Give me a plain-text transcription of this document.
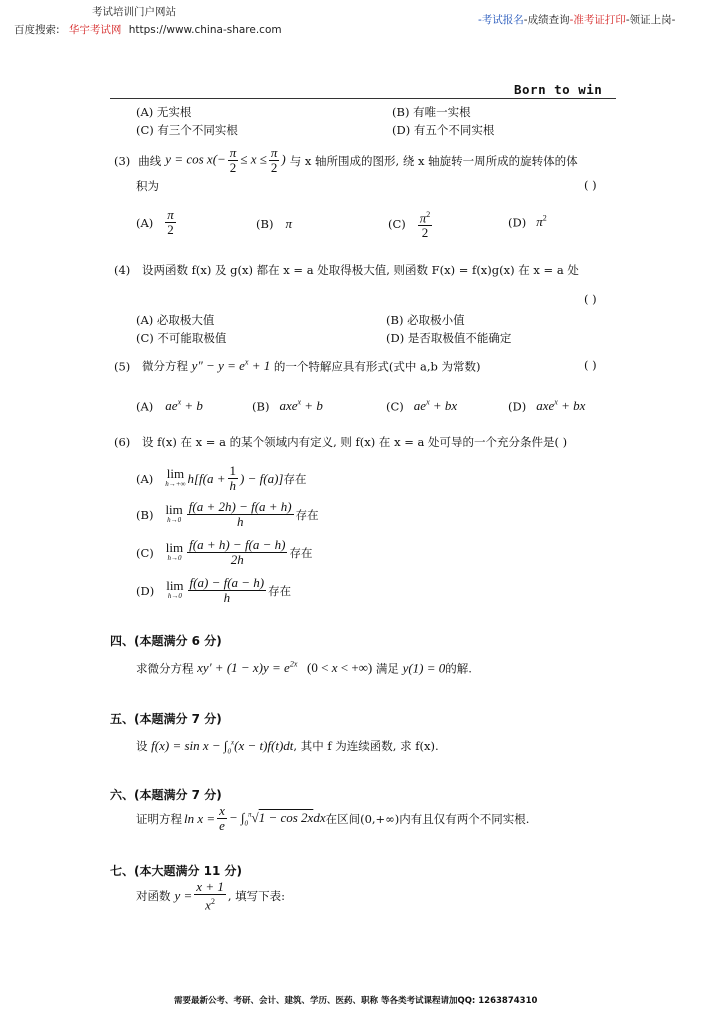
考试培训门户网站
百度搜索: 华宇考试网 https://www.china-share.com
-考试报名-成绩查询-准考证打印-领证上岗-
Born to win
(A) 无实根	(B) 有唯一实根
(C) 有三个不同实根	(D) 有五个不同实根
(3) 曲线 $y = \cos x(- \frac{\pi}{2} \le x \le \frac{\pi}{2}$ ) 与 x 轴所围成的图形, 绕 x 轴旋转一周所成的旋转体的体
积为	( )
$(A) \frac{\pi}{2}$	(B) π	$(C) \frac{\pi^2}{2}$	(D) $\pi^2$
(4) 设两函数 f(x) 及 g(x) 都在 x = a 处取得极大值, 则函数 F(x) = f(x)g(x) 在 x = a 处
( )
(A) 必取极大值	(B) 必取极小值
(C) 不可能取极值	(D) 是否取极值不能确定
(5) 微分方程 $y'' - y = e^x + 1$ 的一个特解应具有形式(式中 a,b 为常数)	( )
(A) $ae^x + b$	(B) axe$^x$ + b	(C) $ae^x$ + bx	(D) axe$^x$ + bx
(6) 设 f(x) 在 x = a 的某个领域内有定义, 则 f(x) 在 x = a 处可导的一个充分条件是( )
(A) lim
h→+∞ $h[f(a + \frac{1}{h}$ ) − f(a)] 存在
(B) lim
$h\to 0 \frac{f(a + 2h) - f(a + h)}{h}$ 存在
(C) lim
$h\to 0 \frac{f(a + h) - f(a - h)}{2h}$ 存在
(D) lim
$h\to 0 \frac{f(a) - f(a - h)}{h}$ 存在
四、(本题满分 6 分)
求微分方程 $xy' + (1 - x)y = e^{2x}$ (0 < x < +∞) 满足 y(1) = 0的解.
五、(本题满分 7 分)
设 $f(x) = \sin x - \int_0^x(x - t)f(t)dt$, 其中 f 为连续函数, 求 f(x).
六、(本题满分 7 分)
证明方程 $\ln x = \frac{x}{e} - \int_0^\pi√1 - \cos 2xdx$ 在区间(0,+∞)内有且仅有两个不同实根.
七、(本大题满分 11 分)
对函数 $y = \frac{x + 1}{x^2}$ , 填写下表:
需要最新公考、考研、会计、建筑、学历、医药、职称 等各类考试课程请加QQ: 1263874310
